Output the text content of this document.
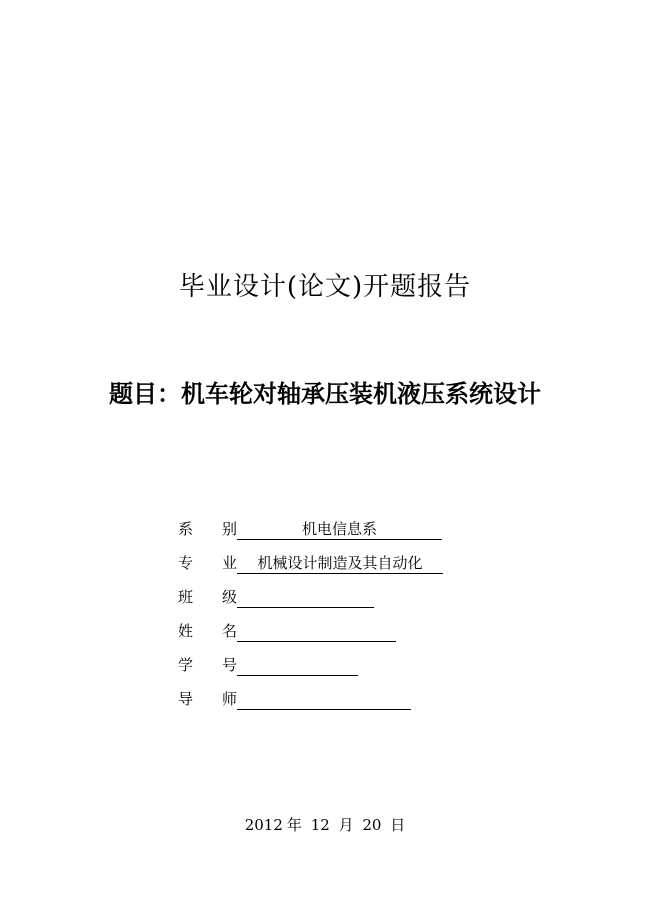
毕业设计(论文)开题报告
题目：机车轮对轴承压装机液压系统设计
系 别	机电信息系
专 业	机械设计制造及其自动化
班 级
姓 名
学 号
导 师
2012 年 12 月 20 日
